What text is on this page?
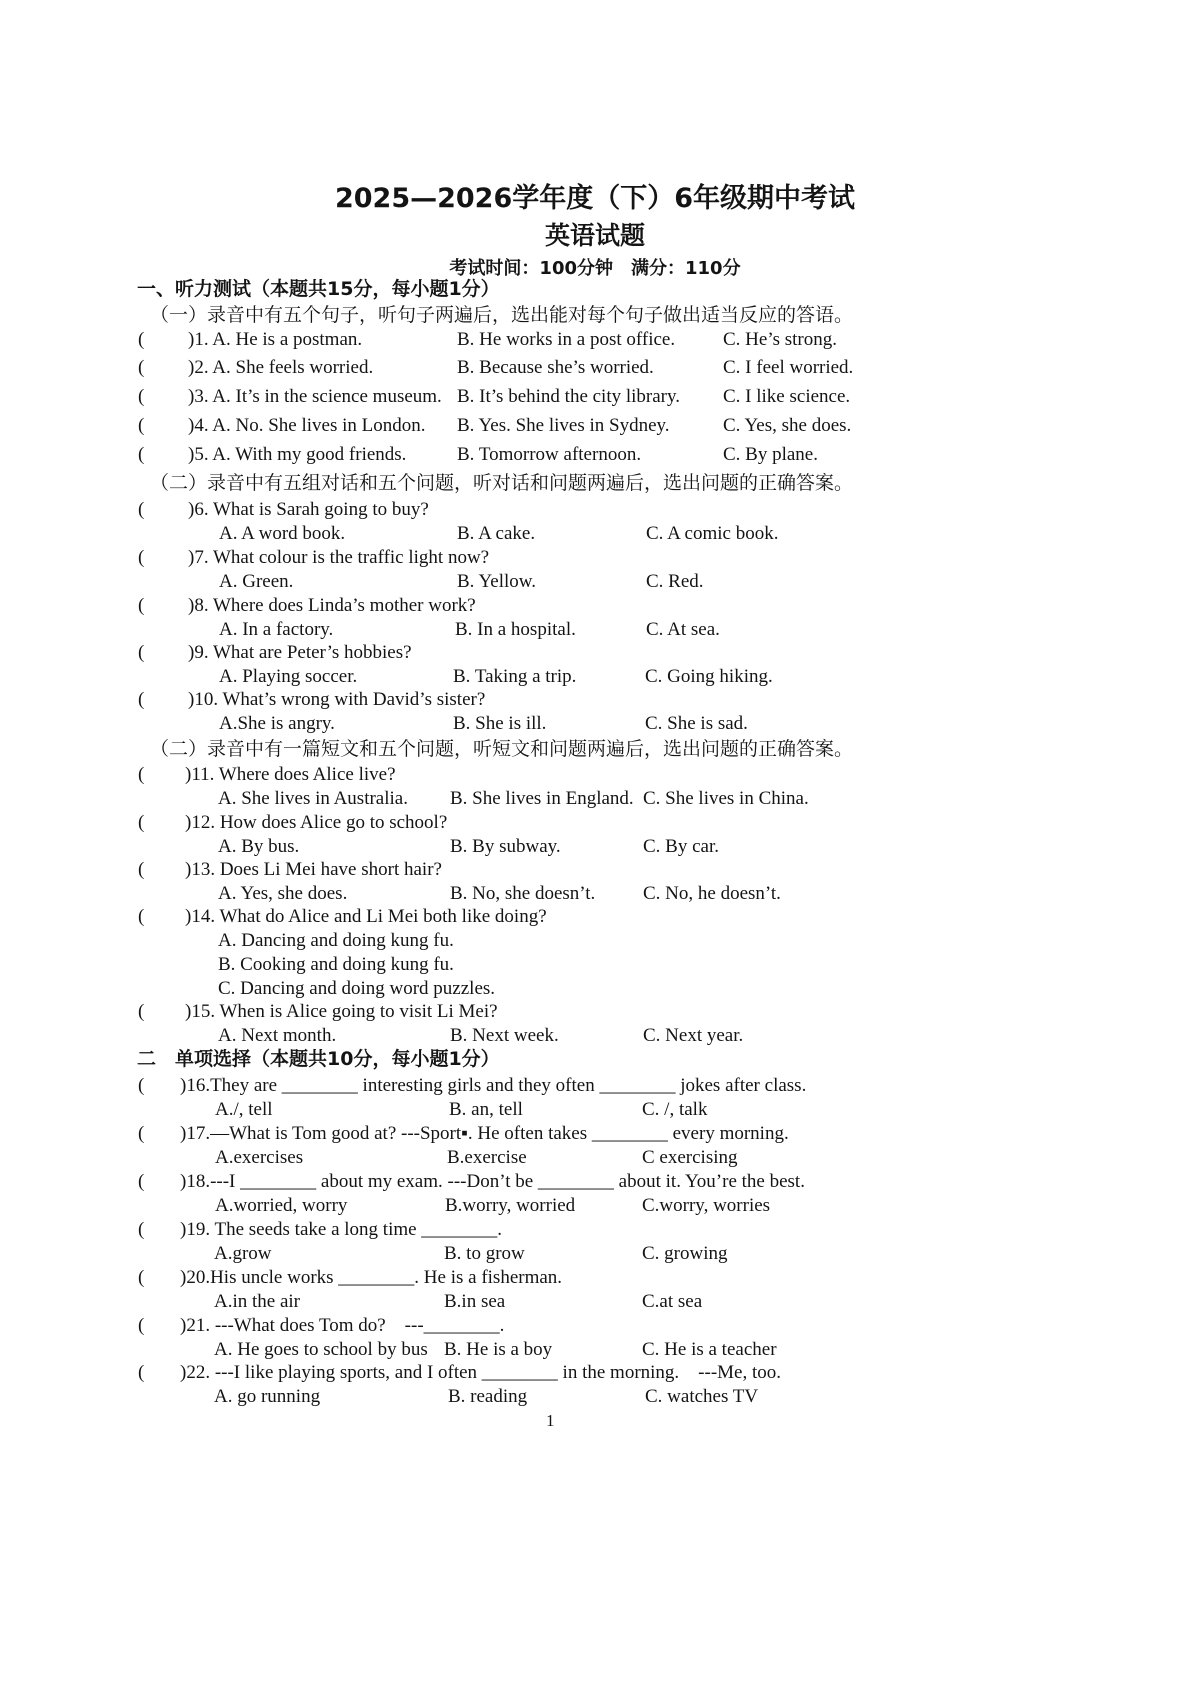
2025—2026学年度（下）6年级期中考试
英语试题
考试时间：100分钟　满分：110分
一、听力测试（本题共15分，每小题1分）
（一）录音中有五个句子，听句子两遍后，选出能对每个句子做出适当反应的答语。
( )1. A. He is a postman.	B. He works in a post office.	C. He’s strong.
( )2. A. She feels worried.	B. Because she’s worried.	C. I feel worried.
( )3. A. It’s in the science museum. B. It’s behind the city library. C. I like science.
( )4. A. No. She lives in London. B. Yes. She lives in Sydney.	C. Yes, she does.
( )5. A. With my good friends.	B. Tomorrow afternoon.	C. By plane.
（二）录音中有五组对话和五个问题，听对话和问题两遍后，选出问题的正确答案。
( )6. What is Sarah going to buy?
A. A word book.	B. A cake.	C. A comic book.
( )7. What colour is the traffic light now?
A. Green.	B. Yellow.	C. Red.
( )8. Where does Linda’s mother work?
A. In a factory.	B. In a hospital.	C. At sea.
( )9. What are Peter’s hobbies?
A. Playing soccer.	B. Taking a trip.	C. Going hiking.
( )10. What’s wrong with David’s sister?
A.She is angry.	B. She is ill.	C. She is sad.
（二）录音中有一篇短文和五个问题，听短文和问题两遍后，选出问题的正确答案。
( )11. Where does Alice live?
A. She lives in Australia. B. She lives in England. C. She lives in China.
( )12. How does Alice go to school?
A. By bus.	B. By subway.	C. By car.
( )13. Does Li Mei have short hair?
A. Yes, she does.	B. No, she doesn’t.	C. No, he doesn’t.
( )14. What do Alice and Li Mei both like doing?
A. Dancing and doing kung fu.
B. Cooking and doing kung fu.
C. Dancing and doing word puzzles.
( )15. When is Alice going to visit Li Mei?
A. Next month.	B. Next week.	C. Next year.
二　单项选择（本题共10分，每小题1分）
( )16.They are ________ interesting girls and they often ________ jokes after class.
A./, tell	B. an, tell	C. /, talk
( )17.—What is Tom good at? ---Sport▪. He often takes ________ every morning.
A.exercises	B.exercise	C exercising
( )18.---I ________ about my exam. ---Don’t be ________ about it. You’re the best.
A.worried, worry	B.worry, worried	C.worry, worries
( )19. The seeds take a long time ________.
A.grow	B. to grow	C. growing
( )20.His uncle works ________. He is a fisherman.
A.in the air	B.in sea	C.at sea
( )21. ---What does Tom do?　---________.
A. He goes to school by bus B. He is a boy	C. He is a teacher
( )22. ---I like playing sports, and I often ________ in the morning.　---Me, too.
A. go running	B. reading	C. watches TV
1
